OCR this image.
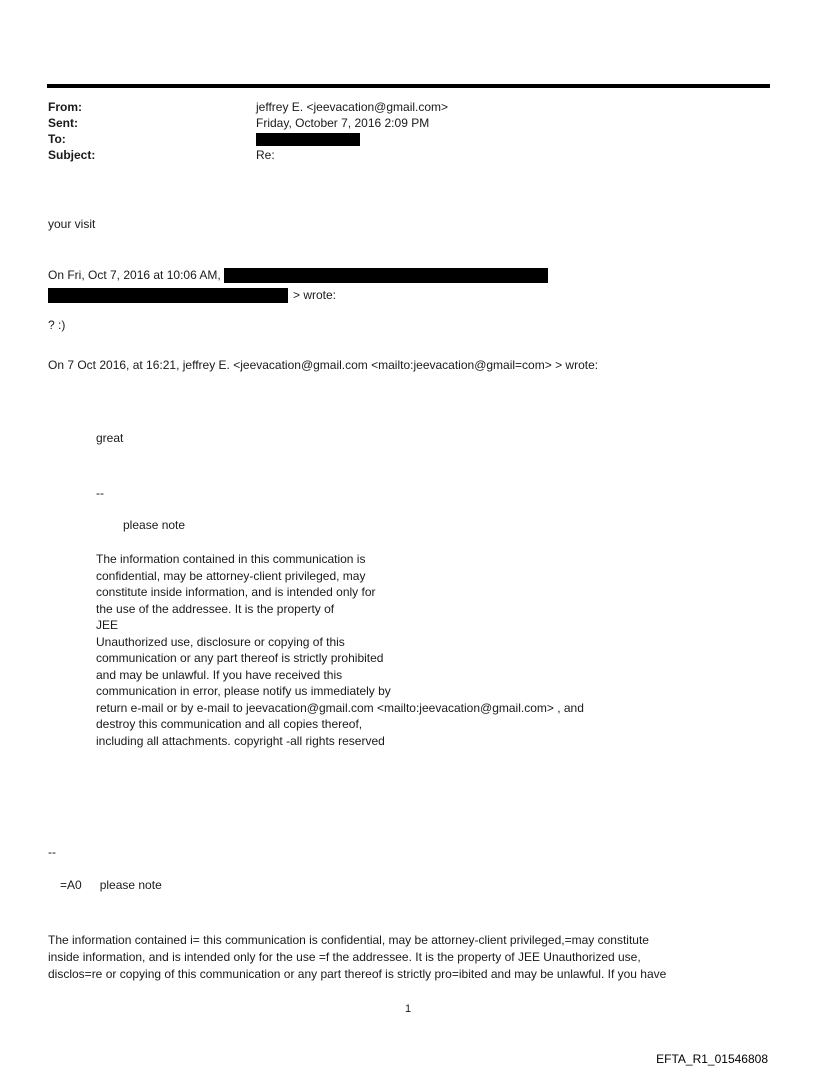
From:	jeffrey E. <jeevacation@gmail.com>
Sent:	Friday, October 7, 2016 2:09 PM
To:
Subject:	Re:
your visit
On Fri, Oct 7, 2016 at 10:06 AM,
> wrote:
? :)
On 7 Oct 2016, at 16:21, jeffrey E. <jeevacation@gmail.com <mailto:jeevacation@gmail=com> > wrote:
great
--
please note
The information contained in this communication is
confidential, may be attorney-client privileged, may
constitute inside information, and is intended only for
the use of the addressee. It is the property of
JEE
Unauthorized use, disclosure or copying of this
communication or any part thereof is strictly prohibited
and may be unlawful. If you have received this
communication in error, please notify us immediately by
return e-mail or by e-mail to jeevacation@gmail.com <mailto:jeevacation@gmail.com> , and
destroy this communication and all copies thereof,
including all attachments. copyright -all rights reserved
--
=A0 please note
The information contained i= this communication is confidential, may be attorney-client privileged,=may constitute
inside information, and is intended only for the use =f the addressee. It is the property of JEE Unauthorized use,
disclos=re or copying of this communication or any part thereof is strictly pro=ibited and may be unlawful. If you have
1
EFTA_R1_01546808
